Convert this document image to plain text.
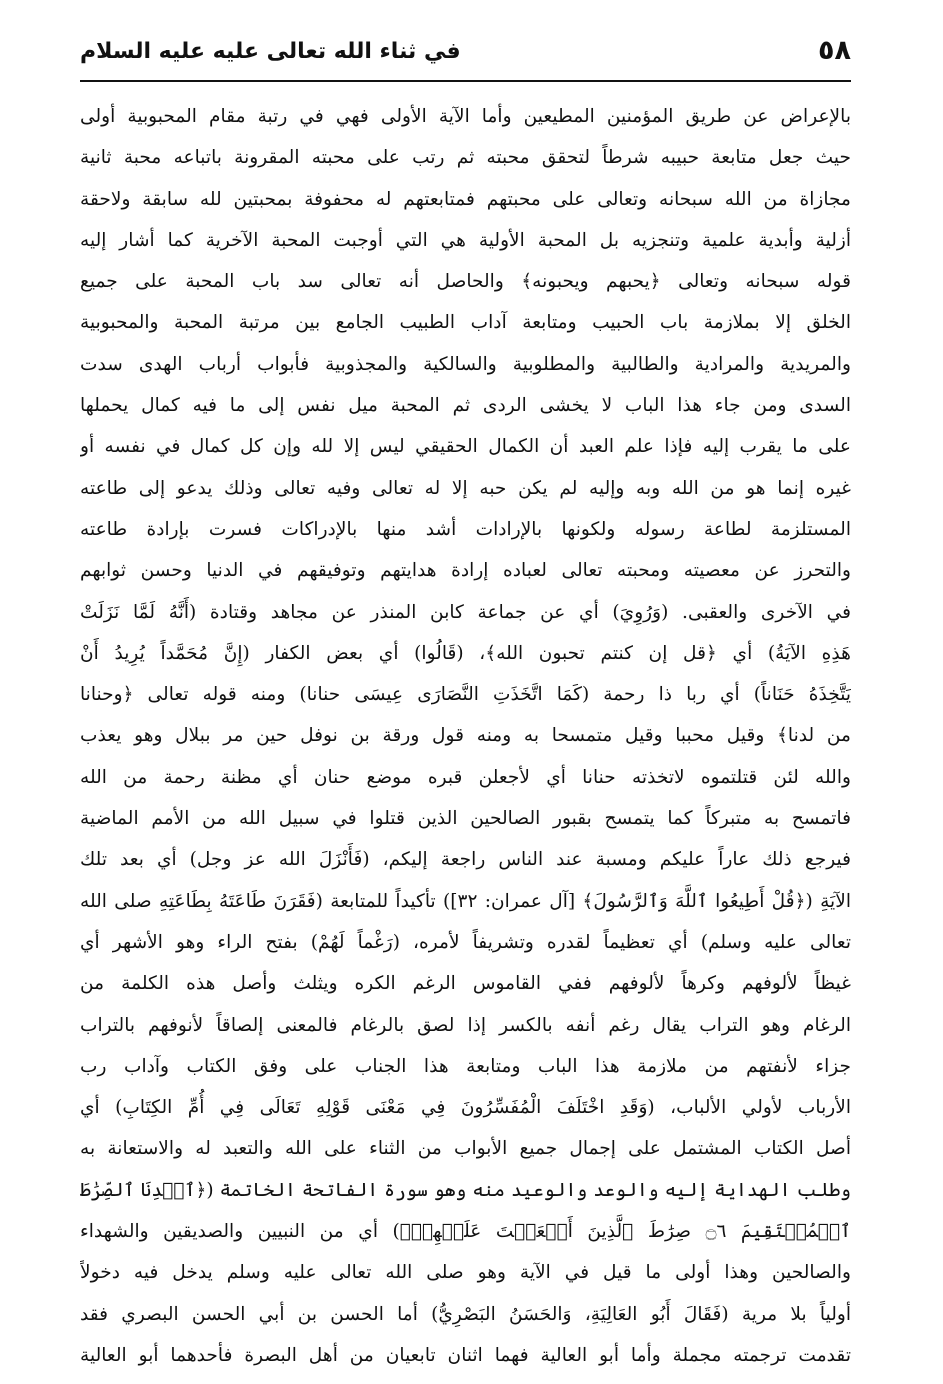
٥٨
في ثناء الله تعالى عليه عليه السلام
بالإعراض عن طريق المؤمنين المطيعين وأما الآية الأولى فهي في رتبة مقام المحبوبية أولى
حيث جعل متابعة حبيبه شرطاً لتحقق محبته ثم رتب على محبته المقرونة باتباعه محبة ثانية
مجازاة من الله سبحانه وتعالى على محبتهم فمتابعتهم له محفوفة بمحبتين لله سابقة ولاحقة
أزلية وأبدية علمية وتنجزيه بل المحبة الأولية هي التي أوجبت المحبة الآخرية كما أشار إليه
قوله سبحانه وتعالى ﴿يحبهم ويحبونه﴾ والحاصل أنه تعالى سد باب المحبة على جميع
الخلق إلا بملازمة باب الحبيب ومتابعة آداب الطبيب الجامع بين مرتبة المحبة والمحبوبية
والمريدية والمرادية والطالبية والمطلوبية والسالكية والمجذوبية فأبواب أرباب الهدى سدت
السدى ومن جاء هذا الباب لا يخشى الردى ثم المحبة ميل نفس إلى ما فيه كمال يحملها
على ما يقرب إليه فإذا علم العبد أن الكمال الحقيقي ليس إلا لله وإن كل كمال في نفسه أو
غيره إنما هو من الله وبه وإليه لم يكن حبه إلا له تعالى وفيه تعالى وذلك يدعو إلى طاعته
المستلزمة لطاعة رسوله ولكونها بالإرادات أشد منها بالإدراكات فسرت بإرادة طاعته
والتحرز عن معصيته ومحبته تعالى لعباده إرادة هدايتهم وتوفيقهم في الدنيا وحسن ثوابهم
في الآخرى والعقبى. (وَرُوِيَ) أي عن جماعة كابن المنذر عن مجاهد وقتادة (أَنَّهُ لَمَّا نَزَلَتْ
هَذِهِ الآيَةُ) أي ﴿قل إن كنتم تحبون الله﴾، (قَالُوا) أي بعض الكفار (إِنَّ مُحَمَّداً يُرِيدُ أَنْ
يَتَّخِذَهُ حَنَاناً) أي ربا ذا رحمة (كَمَا اتَّخَذَتِ النَّصَارَى عِيسَى حنانا) ومنه قوله تعالى ﴿وحنانا
من لدنا﴾ وقيل محببا وقيل متمسحا به ومنه قول ورقة بن نوفل حين مر ببلال وهو يعذب
والله لئن قتلتموه لاتخذته حنانا أي لأجعلن قبره موضع حنان أي مظنة رحمة من الله
فاتمسح به متبركاً كما يتمسح بقبور الصالحين الذين قتلوا في سبيل الله من الأمم الماضية
فيرجع ذلك عاراً عليكم ومسبة عند الناس راجعة إليكم، (فَأَنْزَلَ الله عز وجل) أي بعد تلك
الآيَةِ (﴿قُلْ أَطِيعُوا ٱللَّهَ وَٱلرَّسُولَ﴾ [آل عمران: ٣٢]) تأكيداً للمتابعة (فَقَرَنَ طَاعَتَهُ بِطَاعَتِهِ صلى الله
تعالى عليه وسلم) أي تعظيماً لقدره وتشريفاً لأمره، (رَغْماً لَهُمْ) بفتح الراء وهو الأشهر أي
غيظاً لألوفهم وكرهاً لألوفهم ففي القاموس الرغم الكره ويثلث وأصل هذه الكلمة من
الرغام وهو التراب يقال رغم أنفه بالكسر إذا لصق بالرغام فالمعنى إلصاقاً لأنوفهم بالتراب
جزاء لأنفتهم من ملازمة هذا الباب ومتابعة هذا الجناب على وفق الكتاب وآداب رب
الأرباب لأولي الألباب، (وَقَدِ اخْتَلَفَ الْمُفَسِّرُونَ فِي مَعْنَى قَوْلِهِ تَعَالَى فِي أُمِّ الكِتَابِ) أي
أصل الكتاب المشتمل على إجمال جميع الأبواب من الثناء على الله والتعبد له والاستعانة به
وطلب الهداية إليه والوعد والوعيد منه وهو سورة الفاتحة الخاتمة (﴿ٱهۡدِنَا ٱلصِّرَٰطَ
ٱلۡمُسۡتَقِيمَ ۝٦ صِرَٰطَ ٱلَّذِينَ أَنۡعَمۡتَ عَلَيۡهِمۡ﴾) أي من النبيين والصديقين والشهداء
والصالحين وهذا أولى ما قيل في الآية وهو صلى الله تعالى عليه وسلم يدخل فيه دخولاً
أولياً بلا مرية (فَقَالَ أَبُو العَالِيَةِ، وَالحَسَنُ البَصْرِيُّ) أما الحسن بن أبي الحسن البصري فقد
تقدمت ترجمته مجملة وأما أبو العالية فهما اثنان تابعيان من أهل البصرة فأحدهما أبو العالية
